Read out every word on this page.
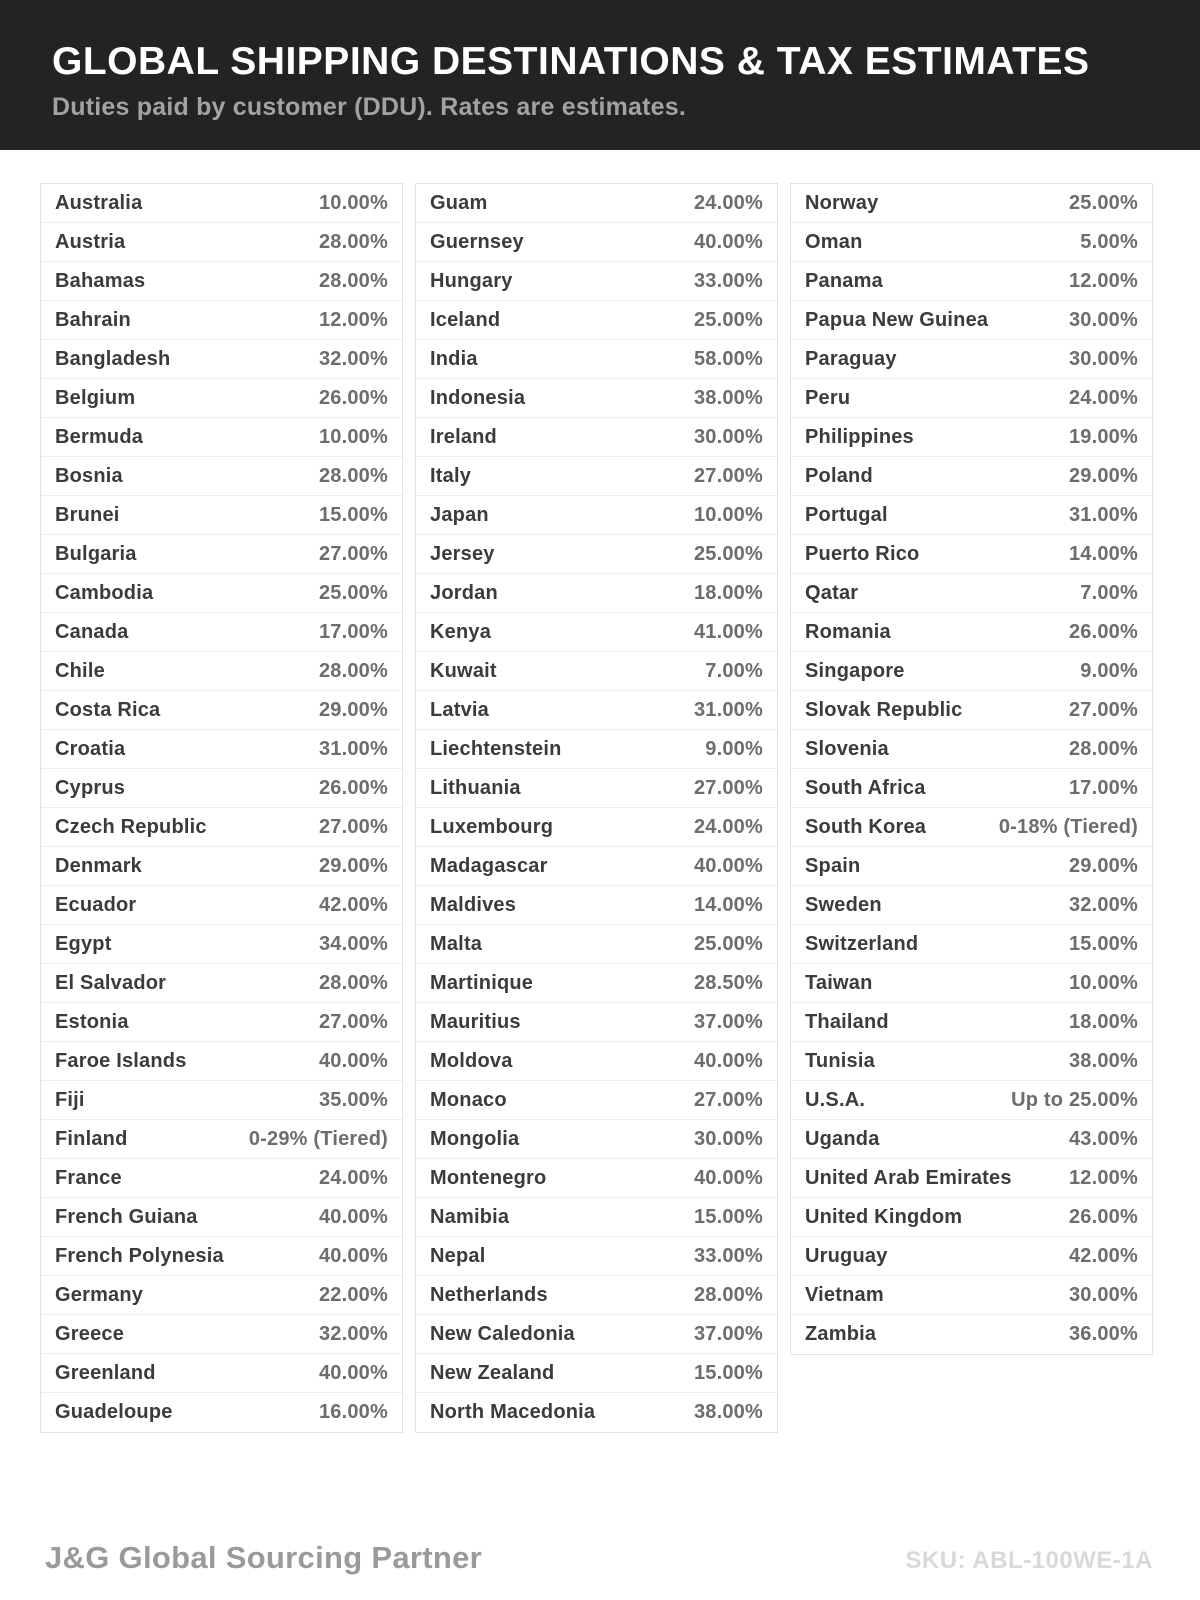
GLOBAL SHIPPING DESTINATIONS & TAX ESTIMATES
Duties paid by customer (DDU). Rates are estimates.
Australia	10.00%
Austria	28.00%
Bahamas	28.00%
Bahrain	12.00%
Bangladesh	32.00%
Belgium	26.00%
Bermuda	10.00%
Bosnia	28.00%
Brunei	15.00%
Bulgaria	27.00%
Cambodia	25.00%
Canada	17.00%
Chile	28.00%
Costa Rica	29.00%
Croatia	31.00%
Cyprus	26.00%
Czech Republic	27.00%
Denmark	29.00%
Ecuador	42.00%
Egypt	34.00%
El Salvador	28.00%
Estonia	27.00%
Faroe Islands	40.00%
Fiji	35.00%
Finland	0-29% (Tiered)
France	24.00%
French Guiana	40.00%
French Polynesia	40.00%
Germany	22.00%
Greece	32.00%
Greenland	40.00%
Guadeloupe	16.00%
Guam	24.00%
Guernsey	40.00%
Hungary	33.00%
Iceland	25.00%
India	58.00%
Indonesia	38.00%
Ireland	30.00%
Italy	27.00%
Japan	10.00%
Jersey	25.00%
Jordan	18.00%
Kenya	41.00%
Kuwait	7.00%
Latvia	31.00%
Liechtenstein	9.00%
Lithuania	27.00%
Luxembourg	24.00%
Madagascar	40.00%
Maldives	14.00%
Malta	25.00%
Martinique	28.50%
Mauritius	37.00%
Moldova	40.00%
Monaco	27.00%
Mongolia	30.00%
Montenegro	40.00%
Namibia	15.00%
Nepal	33.00%
Netherlands	28.00%
New Caledonia	37.00%
New Zealand	15.00%
North Macedonia	38.00%
Norway	25.00%
Oman	5.00%
Panama	12.00%
Papua New Guinea	30.00%
Paraguay	30.00%
Peru	24.00%
Philippines	19.00%
Poland	29.00%
Portugal	31.00%
Puerto Rico	14.00%
Qatar	7.00%
Romania	26.00%
Singapore	9.00%
Slovak Republic	27.00%
Slovenia	28.00%
South Africa	17.00%
South Korea	0-18% (Tiered)
Spain	29.00%
Sweden	32.00%
Switzerland	15.00%
Taiwan	10.00%
Thailand	18.00%
Tunisia	38.00%
U.S.A.	Up to 25.00%
Uganda	43.00%
United Arab Emirates	12.00%
United Kingdom	26.00%
Uruguay	42.00%
Vietnam	30.00%
Zambia	36.00%
J&G Global Sourcing Partner	SKU: ABL-100WE-1A
